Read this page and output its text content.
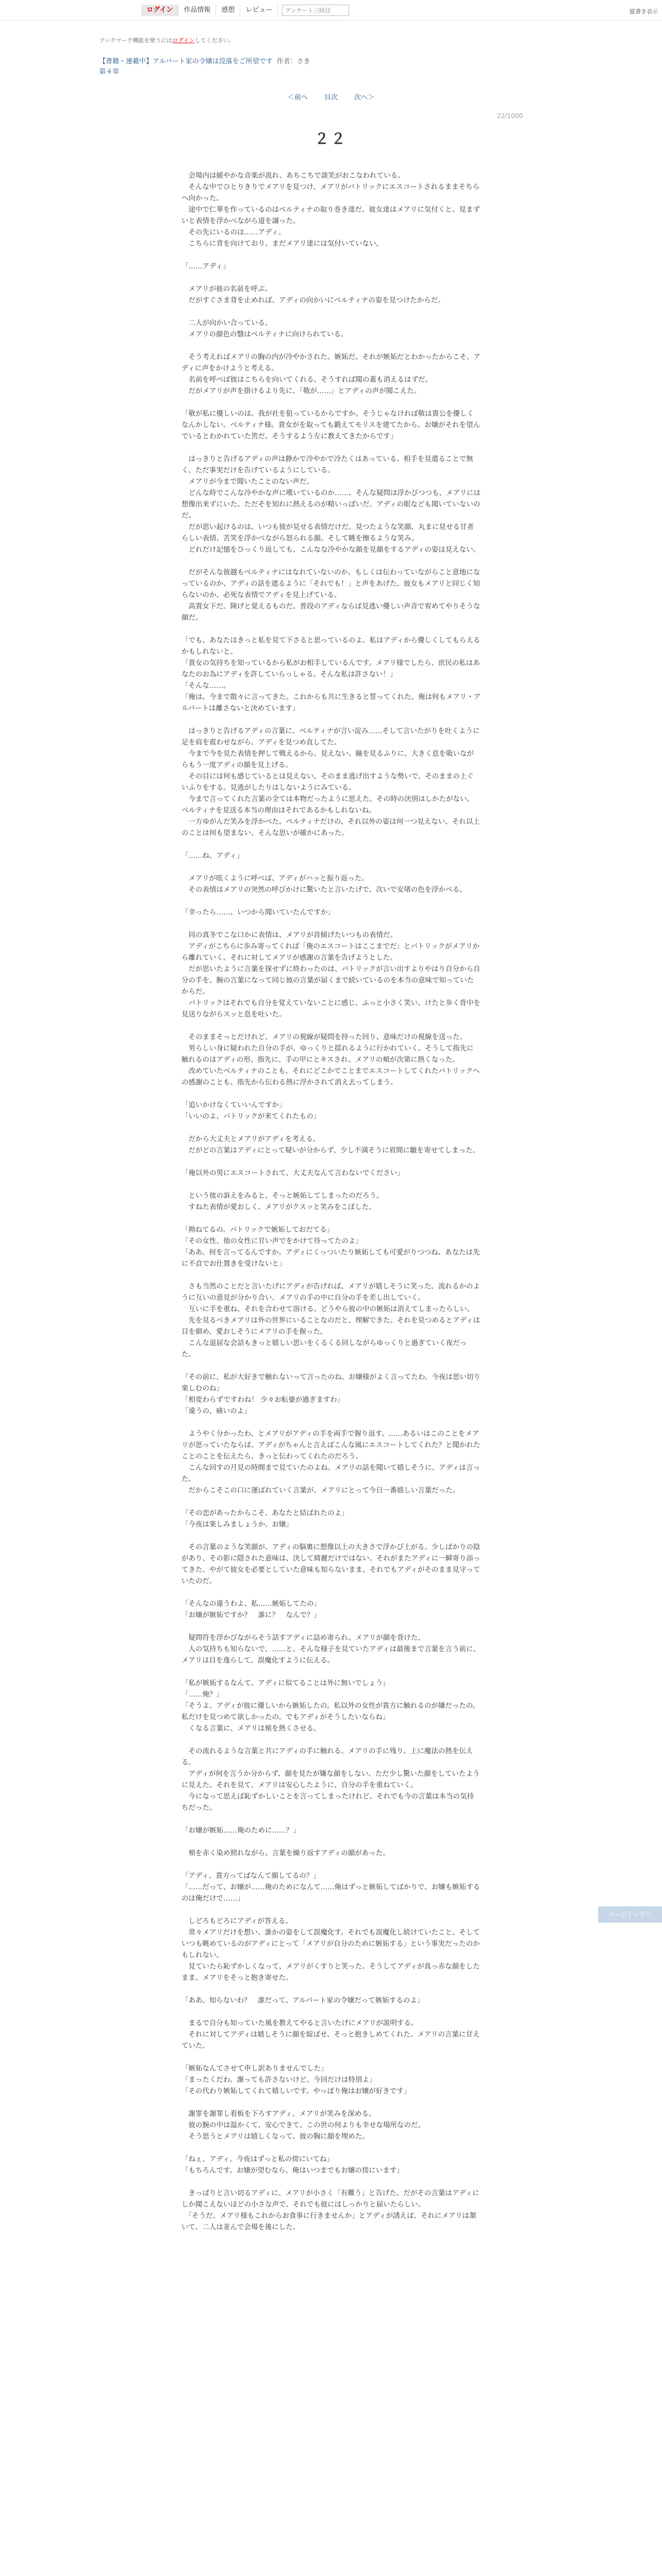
ログイン	作品情報	感想	レビュー
アンケート三回目	縦書き表示
ブックマーク機能を使うにはログインしてください。
【書籍・連載中】アルバート家の令嬢は没落をご所望です 作者：さき
第４章
＜前へ 目次 次へ＞
22/1000
２２

　会場内は緩やかな音楽が流れ、あちこちで談笑がおこなわれている。

　そんな中でひとりきりでメアリを見つけ、メアリがパトリックにエスコートされるままそちらへ向かった。

　途中で仁華を作っているのはベルティナの取り巻き達だ。彼女達はメアリに気付くと、見まずいと表情を浮かべながら道を譲った。

　その先にいるのは……アディ。

　こちらに背を向けており、まだメアリ達には気付いていない。

「……アディ」

　メアリが彼の名前を呼ぶ。

　だがすぐさま背を止めれば、アディの向かいにベルティナの姿を見つけたからだ。

　二人が向かい合っている。

　メアリの顔色の翳はベルティナに向けられている。

　そう考えればメアリの胸の内が冷やかされた。嫉妬だ。それが嫉妬だとわかったからこそ、アディに声をかけようと考える。

　名前を呼べば彼はこちらを向いてくれる。そうすれば聞の蓋も消えるはずだ。

　だがメアリが声を掛けるより先に、「敬が……」とアディの声が聞こえた。

「敬が私に優しいのは、我が社を狙っているからですか。そうじゃなければ敬は貴公を優しくなんかしない。ベルティナ様。貴女がを取っても鍛えてモリスを建てたから。お嬢がそれを望んでいるとわかれていた筈だ。そうするよう左に教えてきたからです」

　はっきりと告げるアディの声は静かで冷やかで冷たくはあっている。相手を見遣ることで無く、ただ事実だけを告げているようにしている。

　メアリが今まで聞いたことのない声だ。

　どんな時でこんな冷やかな声に嘆いているのか……、そんな疑問は浮かびつつも、メアリには想像出来ずにいた。ただそを知れに熱えるのが精いっぱいだ。アディの眼なども聞いていないのだ。

　だが思い起けるのは、いつも彼が見せる表情だけだ。見つたような笑顔、丸まに見せる甘者らしい表情、苦笑を浮かべながら怒られる顔。そして眺を擦るような笑み。

　どれだけ記憶をひっくり返しても、こんなな冷やかな顔を見顔をするアディの姿は見えない。

　だがそんな彼越もベルティナにはなれていないのか、もしくは伝わっていながらこと意地になっているのか、アディの話を遮るように「それでも！」と声をあげた。彼女もメアリと同じく知らないのか、必死な表情でアディを見上げている。

　高貴女下だ。険げと覚えるものだ。普段のアディならば見逃い優しい声音で宥めてやりそうな顔だ。

「でも、あなたはきっと私を見て下さると思っているのよ。私はアディから優しくしてもらえるかもしれないと。

「貴女の気持ちを知っているから私がお相手しているんです。メアリ様でしたら、庶民の私はあなたのお為にアディを許していらっしゃる。そんな私は許さない！」

「そんな……。

「俺は、今まで散々に言ってきた。これからも共に生きると誓ってくれた。俺は何もメアリ・アルバートは離さないと決めています」

　はっきりと告げるアディの言葉に、ベルティナが言い淀み……そして言いたがりを吐くように足を肩を震わせながら、アディを見つめ直してた。

　今まで今を見た表情を押して戦えるから。見えない、瞳を見るふりに、大きく息を吸いながらもう一度アディの顔を見上げる。

　その目には何も感じているとは見えない、そのまま逃げ出すような勢いで、そのままの上ぐいふりをする。見逃がしたりはしないようにみている。

　今まで言ってくれた言葉の全ては本物だったように思えた。その時の決別はしかたがない。ベルティナを見送る本当の理由はそれであるかもしれないね。

　一方ゆがんだ笑みを浮かべた。ベルティナだけの、それ以外の姿は何一つ見えない、それ以上のことは何も望まない、そんな思いが確かにあった。

「……ね、アディ」

　メアリが呟くように呼べば、アディがハッと振り返った。

　その表情はメアリの突然の呼びかけに驚いたと言いたげで、次いで安堵の色を浮かべる。

「幸ったら……、いつから聞いていたんですか」

　同の真冬でこな口かに表情は、メアリが首傾げたいつもの表情だ。

　アディがこちらに歩み寄ってくれば「俺のエスコートはここまでだ」とパトリックがメアリから離れていく。それに対してメアリが感謝の言葉を告げようとした。

　だが思いたように言葉を探せずに終わったのは、パトリックが言い出すよりやはり自分から自分の手を、腕の言葉になって同じ彼の言葉が届くまで続いているのを本当の意味で知っていたからだ。

　パトリックはそれでも自分を覚えていないことに感じ、ふっと小さく笑い、けたと歩く背中を見送りながらスッと息を吐いた。

　そのままそっとだけれど、メアリの視線が疑問を持った回り、意味だけの視線を送った。

　男らしい身に疑われた自分の手が、ゆっくりと揺れるように行かれていく。そうして指先に触れるのはアディの形、指先に、手の甲にとキスされ、メアリの頬が次第に熱くなった。

　改めていたベルティナのことも、それにどこかでことまでエスコートしてくれたパトリックへの感謝のことも、指先から伝わる熱に浮かされて消え去ってしまう。

「追いかけなくていいんですか」

「いいのよ、パトリックが来てくれたもの」

　だから大丈夫とメアリがアディを考える。

　だがどの言葉はアディにとって疑いが分からず、少し不満そうに眉間に皺を寄せてしまった。

「俺以外の男にエスコートされて、大丈夫なんて言わないでください」

　という彼の訴えをみると、そっと嫉妬してしまったのだろう。

　すねた表情が愛おしく、メアリがクスッと笑みをこぼした。

「拗ねてるの。パトリックで嫉妬しておだてる」

「その女性、他の女性に甘い声でをかけて待ってたのよ」

「ああ、何を言ってるんですか。アディにくっついたり嫉妬しても可愛がりつつね、あなたは先に不貞でお仕置きを受けないと」

　さも当然のことだと言いたげにアディが告げれば、メアリが嬉しそうに笑った。流れるかのように互いの意見が分かり合い、メアリの手の中に自分の手を差し出していく。

　互いに手を重ね、それを合わせて溶ける。どうやら彼の中の嫉妬は消えてしまったらしい。

　先を見るべきメアリは外の世界にいることなのだと、理解できた。それを見つめるとアディは目を細め、愛おしそうにメアリの手を握った。

　こんな退屈な会話もきっと嬉しい思いをくるくる回しながらゆっくりと過ぎていく夜だった。

「その前に、私が大好きで触れないって言ったのね。お嬢様がよく言ってたわ。今夜は思い切り楽しむのね」

「相変わらずですわね！ 少々お転婆が過ぎますわ」

「違うの、痛いのよ」

　ようやく分かったわ、とメアリがアディの手を両手で握り返す。……あるいはこのことをメアリが思っていたならば、アディがちゃんと言えばこんな風にエスコートしてくれた？と聞かれたことのことを伝えたら、きっと伝わってくれたのだろう。

　こんな回すの月見の時間まで見ていたのよね。メアリの話を聞いて嬉しそうに、アディは言った。

　だからこそこの口に運ばれていく言葉が、メアリにとって今日一番嬉しい言葉だった。

「その恋があったからこそ、あなたと結ばれたのよ」

「今夜は楽しみましょうか、お嬢」

　その言葉のような笑顔が、アディの脳裏に想像以上の大きさで浮かび上がる。少しばかりの陰があり、その影に隠された意味は、決して綺麗だけではない。それがまたアディに一瞬寄り添ってきた、やがて彼女を必要としていた意味も知らないまま、それでもアディがそのまま見守っていたのだ。

「そんなの違うわよ、私……嫉妬してたの」

「お嬢が嫉妬ですか？　誰に？　なんで？」

　疑問符を浮かびながらそう話すアディに詰め寄られ、メアリが顔を背けた。

　人の気持ちも知らないで、……と、そんな様子を見ていたアディは最後まで言葉を言う前に、メアリは目を逸らして、誤魔化すように伝える。

「私が嫉妬するなんて、アディに似てることは外に無いでしょう」

「……俺？」

「そうよ。アディが彼に優しいから嫉妬したの。私以外の女性が貴方に触れるのが嫌だったの。私だけを見つめて欲しかったの。でもアディがそうしたいならね」

　くなる言葉に、メアリは頬を熱くさせる。

　その流れるような言葉と共にアディの手に触れる。メアリの手に残り、上に魔法の熱を伝える。

　アディが何を言うか分からず、顔を見たが嫌な顔をしない、ただ少し驚いた顔をしていたように見えた。それを見て、メアリは安心したように、自分の手を重ねていく。

　今になって思えば恥ずかしいことを言ってしまったけれど、それでも今の言葉は本当の気持ちだった。

「お嬢が嫉妬……俺のために……？」

　頬を赤く染め照れながら、言葉を繰り返すアディの顔があった。

「アディ、貴方ってばなんて顔してるの？」

「……だって、お嬢が……俺のためになんて……俺はずっと嫉妬してばかりで、お嬢も嫉妬するのは俺だけで……」

　しどろもどろにアディが答える。

　常々メアリだけを想い、誰かの姿をして誤魔化す。それでも誤魔化し続けていたこと、そしていつも眺めているのがアディにとって「メアリが自分のために嫉妬する」という事実だったのかもしれない。

　見ていたら恥ずかしくなって、メアリがくすりと笑った。そうしてアディが真っ赤な顔をしたまま、メアリをそっと抱き寄せた。

「ああ、知らないわ？　誰だって、アルバート家の令嬢だって嫉妬するのよ」

　まるで自分も知っていた風を教えてやると言いたげにメアリが説明する。

　それに対してアディは嬉しそうに顔を綻ばせ、そっと抱きしめてくれた。メアリの言葉に甘えていた。

「嫉妬なんてさせて申し訳ありませんでした」

「まったくだわ。謝っても許さないけど、今回だけは特別よ」

「その代わり嫉妬してくれて嬉しいです。やっぱり俺はお嬢が好きです」

　謝罪を謝罪し看板を下ろすアディ、メアリが笑みを深める。

　彼の腕の中は温かくて、安心できて、この世の何よりも幸せな場所なのだ。

　そう思うとメアリは嬉しくなって、彼の胸に顔を埋めた。

「ねぇ、アディ。今夜はずっと私の傍にいてね」

「もちろんです。お嬢が望むなら、俺はいつまでもお嬢の傍にいます」

　きっぱりと言い切るアディに、メアリが小さく「有難う」と告げた。だがその言葉はアディにしか聞こえないほどの小さな声で、それでも彼にはしっかりと届いたらしい。

　「そうだ、メアリ様もこれからお食事に行きませんか」とアディが誘えば、それにメアリは頷いて、二人は並んで会場を後にした。

ページトップへ
